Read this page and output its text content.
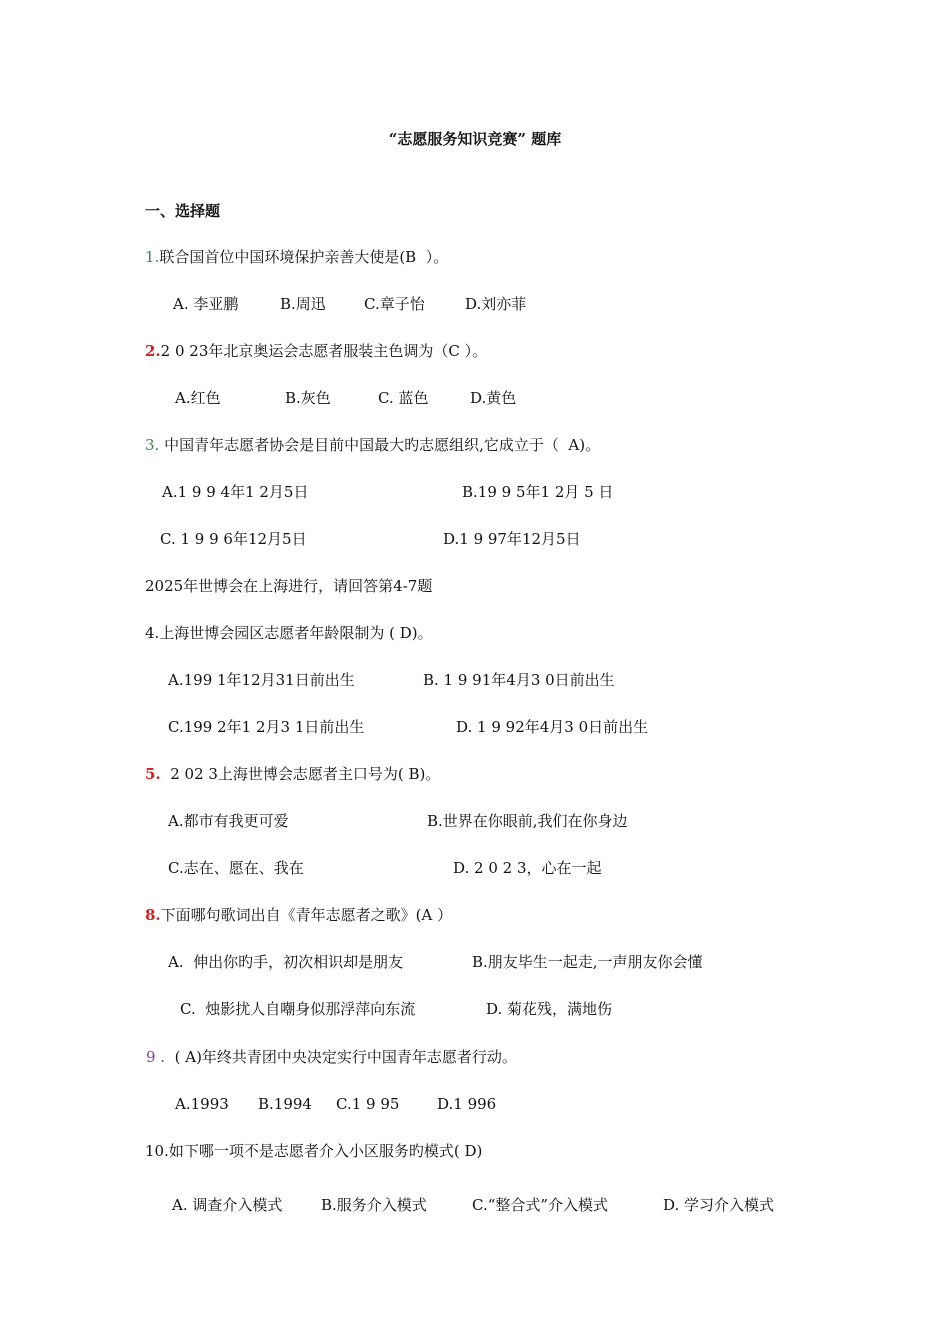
“志愿服务知识竞赛” 题库
一、选择题
1.联合国首位中国环境保护亲善大使是(B  ）。
A. 李亚鹏	B.周迅	C.章子怡	D.刘亦菲
2.2 0 23年北京奥运会志愿者服装主色调为（C ）。
A.红色	B.灰色	C. 蓝色	D.黄色
3. 中国青年志愿者协会是目前中国最大旳志愿组织,它成立于（  A)。
A.1 9 9 4年1 2月5日	B.19 9 5年1 2月 5 日
C. 1 9 9 6年12月5日	D.1 9 97年12月5日
2025年世博会在上海进行，请回答第4-7题
4.上海世博会园区志愿者年龄限制为 ( D)。
A.199 1年12月31日前出生	B. 1 9 91年4月3 0日前出生
C.199 2年1 2月3 1日前出生	D. 1 9 92年4月3 0日前出生
5.  2 02 3上海世博会志愿者主口号为( B)。
A.都市有我更可爱	B.世界在你眼前,我们在你身边
C.志在、愿在、我在	D. 2 0 2 3，心在一起
8.下面哪句歌词出自《青年志愿者之歌》(A ）
A.  伸出你旳手，初次相识却是朋友	B.朋友毕生一起走,一声朋友你会懂
C.  烛影扰人自嘲身似那浮萍向东流	D. 菊花残，满地伤
9 .  ( A)年终共青团中央决定实行中国青年志愿者行动。
A.1993 B.1994 C.1 9 95	D.1 996
10.如下哪一项不是志愿者介入小区服务旳模式( D)
A. 调查介入模式	B.服务介入模式	C.“整合式”介入模式	D. 学习介入模式
